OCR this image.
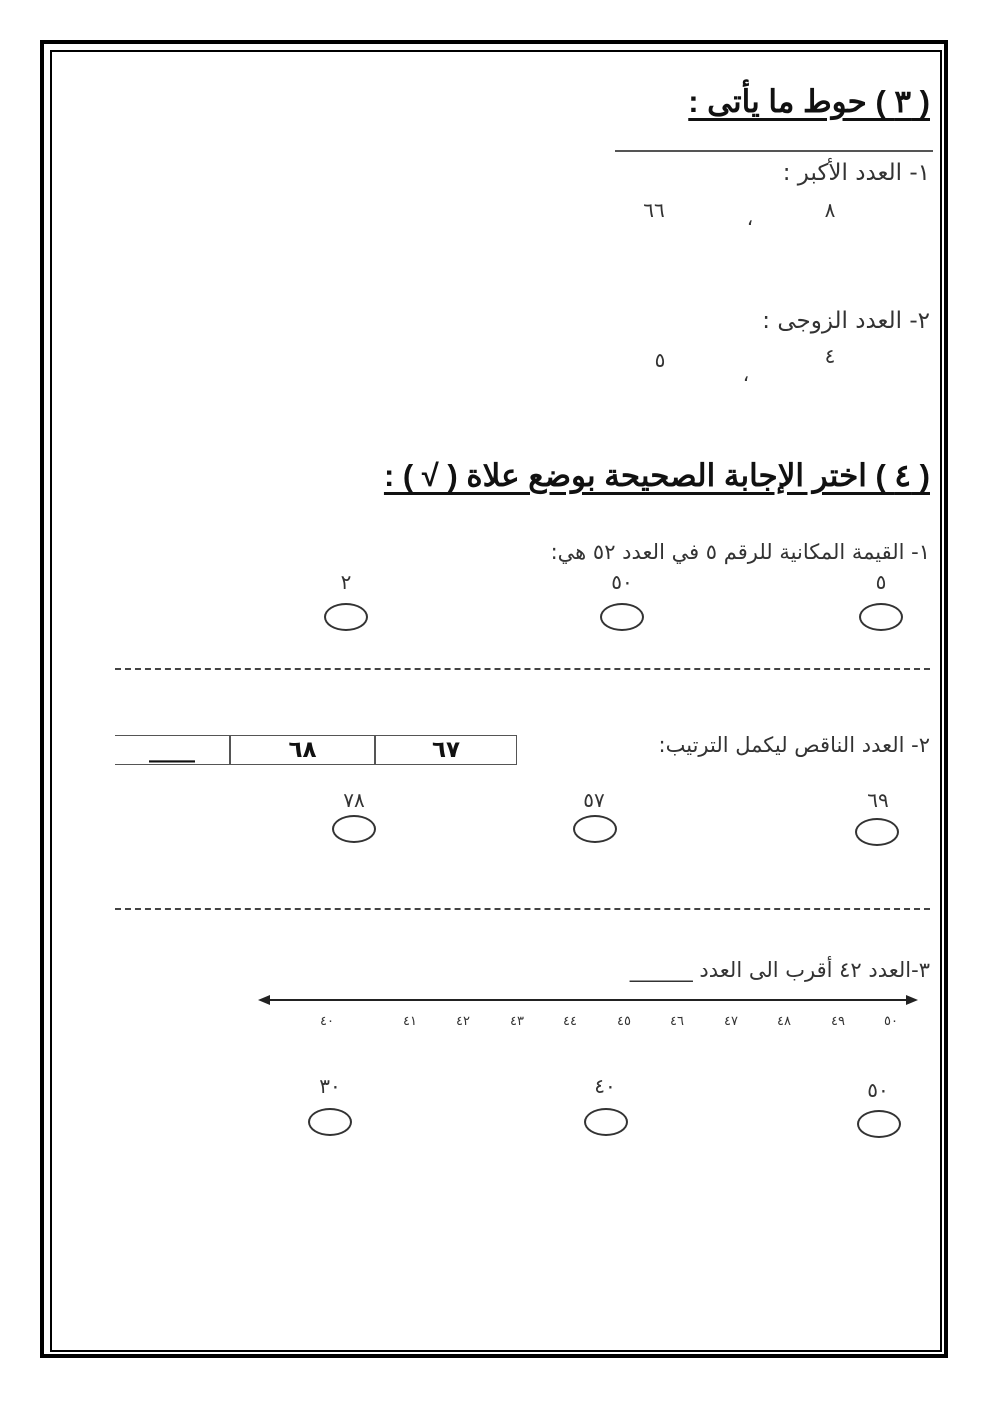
( ٣ ) حوط ما يأتى :
١- العدد الأكبر :
٨
،
٦٦
٢- العدد الزوجى :
٤
،
٥
( ٤ ) اختر الإجابة الصحيحة بوضع علاة ( √ ) :
١- القيمة المكانية للرقم ٥ في العدد ٥٢ هي:
٥
٥٠
٢
٢- العدد الناقص ليكمل الترتيب:
٦٧
٦٨
____
٦٩
٥٧
٧٨
٣-العدد ٤٢ أقرب الى العدد ______
٥٠
٤٩
٤٨
٤٧
٤٦
٤٥
٤٤
٤٣
٤٢
٤١
٤٠
٥٠
٤٠
٣٠
